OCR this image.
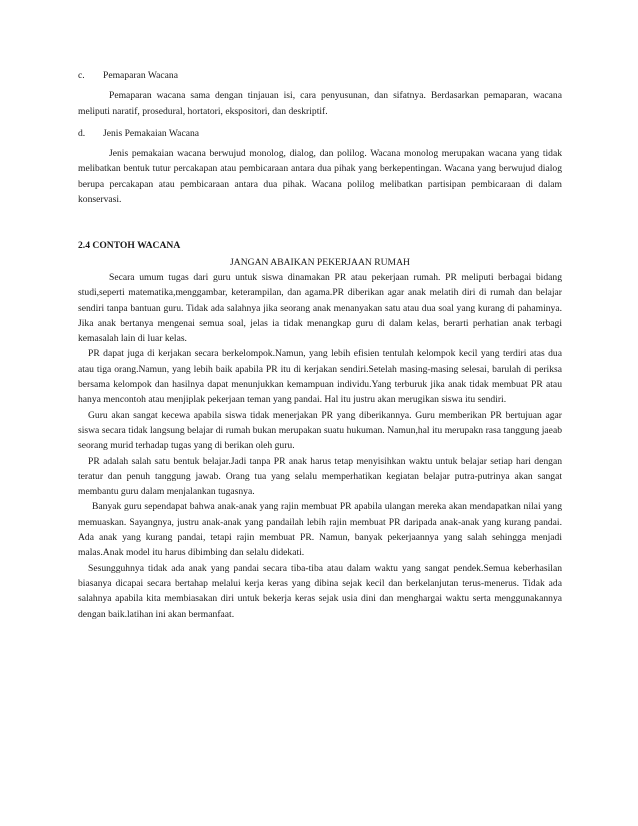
c.	Pemaparan Wacana

Pemaparan wacana sama dengan tinjauan isi, cara penyusunan, dan sifatnya. Berdasarkan pemaparan, wacana meliputi naratif, prosedural, hortatori, ekspositori, dan deskriptif.

d.	Jenis Pemakaian Wacana

Jenis pemakaian wacana berwujud monolog, dialog, dan polilog. Wacana monolog merupakan wacana yang tidak melibatkan bentuk tutur percakapan atau pembicaraan antara dua pihak yang berkepentingan. Wacana yang berwujud dialog berupa percakapan atau pembicaraan antara dua pihak. Wacana polilog melibatkan partisipan pembicaraan di dalam konservasi.

2.4 CONTOH WACANA
JANGAN ABAIKAN PEKERJAAN RUMAH

Secara umum tugas dari guru untuk siswa dinamakan PR atau pekerjaan rumah. PR meliputi berbagai bidang studi,seperti matematika,menggambar, keterampilan, dan agama.PR diberikan agar anak melatih diri di rumah dan belajar sendiri tanpa bantuan guru. Tidak ada salahnya jika seorang anak menanyakan satu atau dua soal yang kurang di pahaminya. Jika anak bertanya mengenai semua soal, jelas ia tidak menangkap guru di dalam kelas, berarti perhatian anak terbagi kemasalah lain di luar kelas.

PR dapat juga di kerjakan secara berkelompok.Namun, yang lebih efisien tentulah kelompok kecil yang terdiri atas dua atau tiga orang.Namun, yang lebih baik apabila PR itu di kerjakan sendiri.Setelah masing-masing selesai, barulah di periksa bersama kelompok dan hasilnya dapat menunjukkan kemampuan individu.Yang terburuk jika anak tidak membuat PR atau hanya mencontoh atau menjiplak pekerjaan teman yang pandai. Hal itu justru akan merugikan siswa itu sendiri.

Guru akan sangat kecewa apabila siswa tidak menerjakan PR yang diberikannya. Guru memberikan PR bertujuan agar siswa secara tidak langsung belajar di rumah bukan merupakan suatu hukuman. Namun,hal itu merupakn rasa tanggung jaeab seorang murid terhadap tugas yang di berikan oleh guru.

PR adalah salah satu bentuk belajar.Jadi tanpa PR anak harus tetap menyisihkan waktu untuk belajar setiap hari dengan teratur dan penuh tanggung jawab. Orang tua yang selalu memperhatikan kegiatan belajar putra-putrinya akan sangat membantu guru dalam menjalankan tugasnya.

Banyak guru sependapat bahwa anak-anak yang rajin membuat PR apabila ulangan mereka akan mendapatkan nilai yang memuaskan. Sayangnya, justru anak-anak yang pandailah lebih rajin membuat PR daripada anak-anak yang kurang pandai. Ada anak yang kurang pandai, tetapi rajin membuat PR. Namun, banyak pekerjaannya yang salah sehingga menjadi malas.Anak model itu harus dibimbing dan selalu didekati.

Sesungguhnya tidak ada anak yang pandai secara tiba-tiba atau dalam waktu yang sangat pendek.Semua keberhasilan biasanya dicapai secara bertahap melalui kerja keras yang dibina sejak kecil dan berkelanjutan terus-menerus. Tidak ada salahnya apabila kita membiasakan diri untuk bekerja keras sejak usia dini dan menghargai waktu serta menggunakannya dengan baik.latihan ini akan bermanfaat.
